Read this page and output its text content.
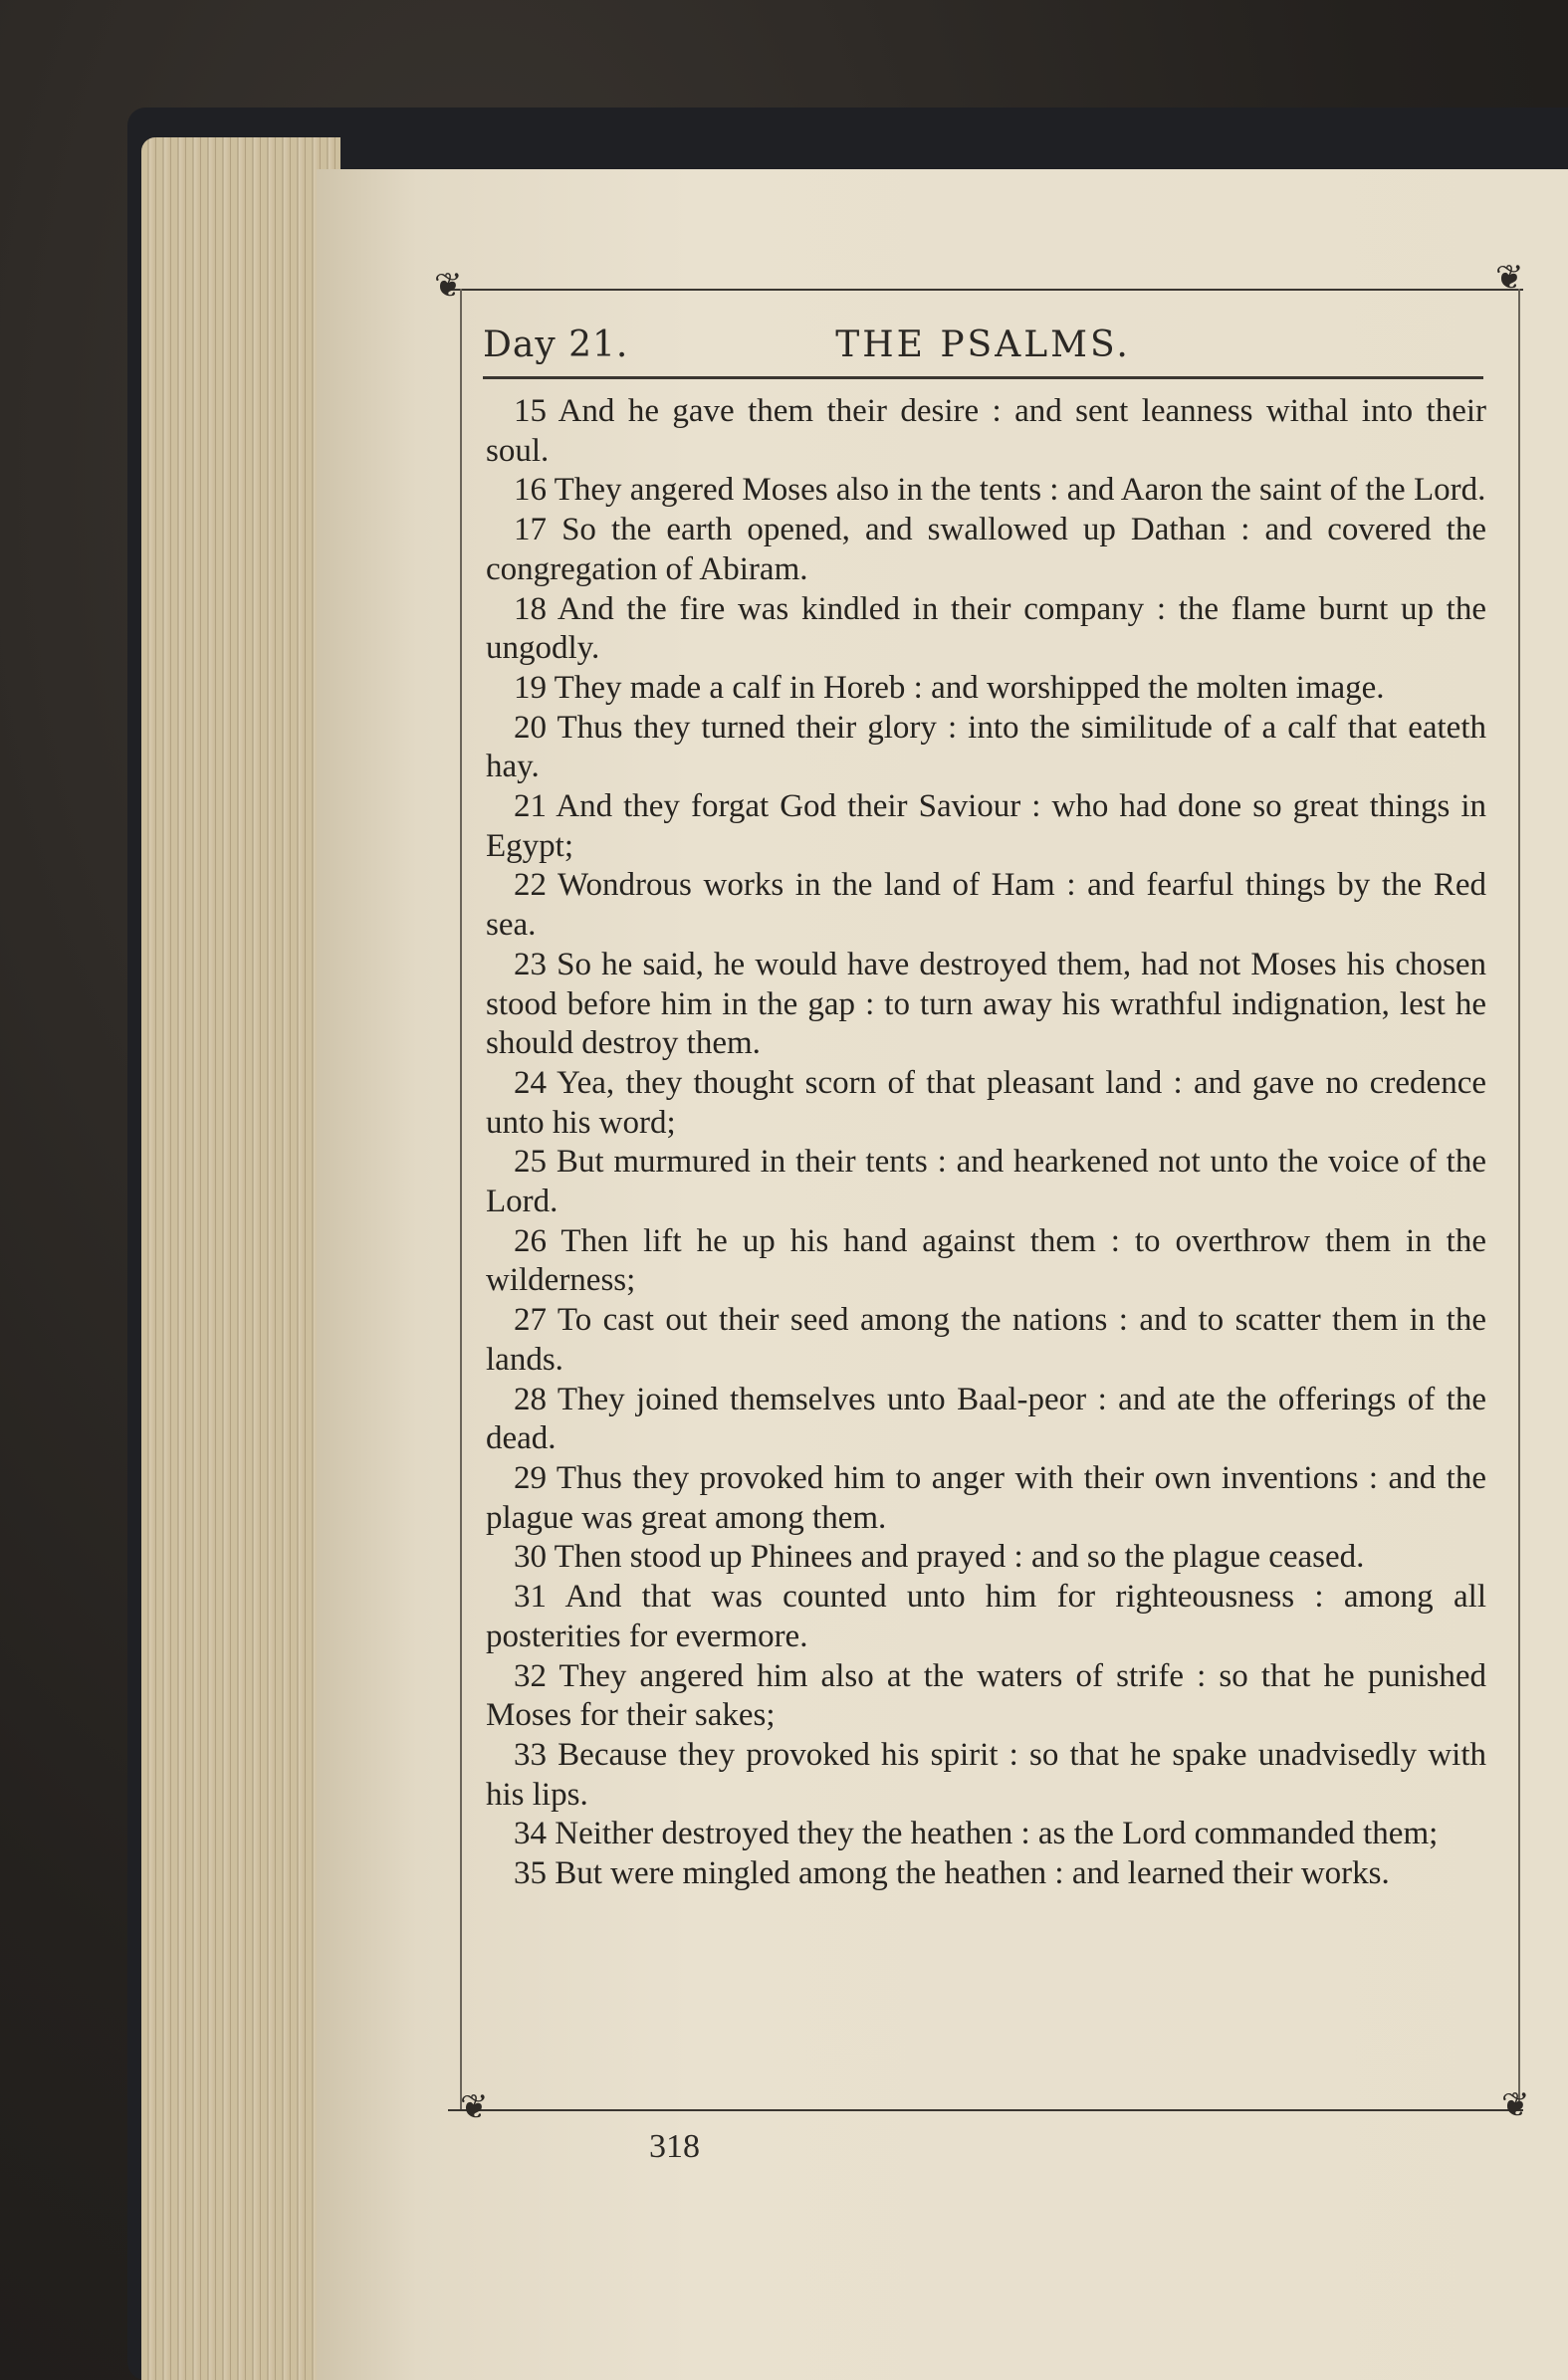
❦	❦
❦	❦
Day 21.	THE PSALMS.

15 And he gave them their desire : and sent leanness withal into their soul.

16 They angered Moses also in the tents : and Aaron the saint of the Lord.

17 So the earth opened, and swallowed up Dathan : and covered the congregation of Abiram.

18 And the fire was kindled in their company : the flame burnt up the ungodly.

19 They made a calf in Horeb : and worshipped the molten image.

20 Thus they turned their glory : into the similitude of a calf that eateth hay.

21 And they forgat God their Saviour : who had done so great things in Egypt;

22 Wondrous works in the land of Ham : and fearful things by the Red sea.

23 So he said, he would have destroyed them, had not Moses his chosen stood before him in the gap : to turn away his wrathful indignation, lest he should destroy them.

24 Yea, they thought scorn of that pleasant land : and gave no credence unto his word;

25 But murmured in their tents : and hearkened not unto the voice of the Lord.

26 Then lift he up his hand against them : to overthrow them in the wilderness;

27 To cast out their seed among the nations : and to scatter them in the lands.

28 They joined themselves unto Baal-peor : and ate the offerings of the dead.

29 Thus they provoked him to anger with their own inventions : and the plague was great among them.

30 Then stood up Phinees and prayed : and so the plague ceased.

31 And that was counted unto him for righteousness : among all posterities for evermore.

32 They angered him also at the waters of strife : so that he punished Moses for their sakes;

33 Because they provoked his spirit : so that he spake unadvisedly with his lips.

34 Neither destroyed they the heathen : as the Lord commanded them;

35 But were mingled among the heathen : and learned their works.

318
